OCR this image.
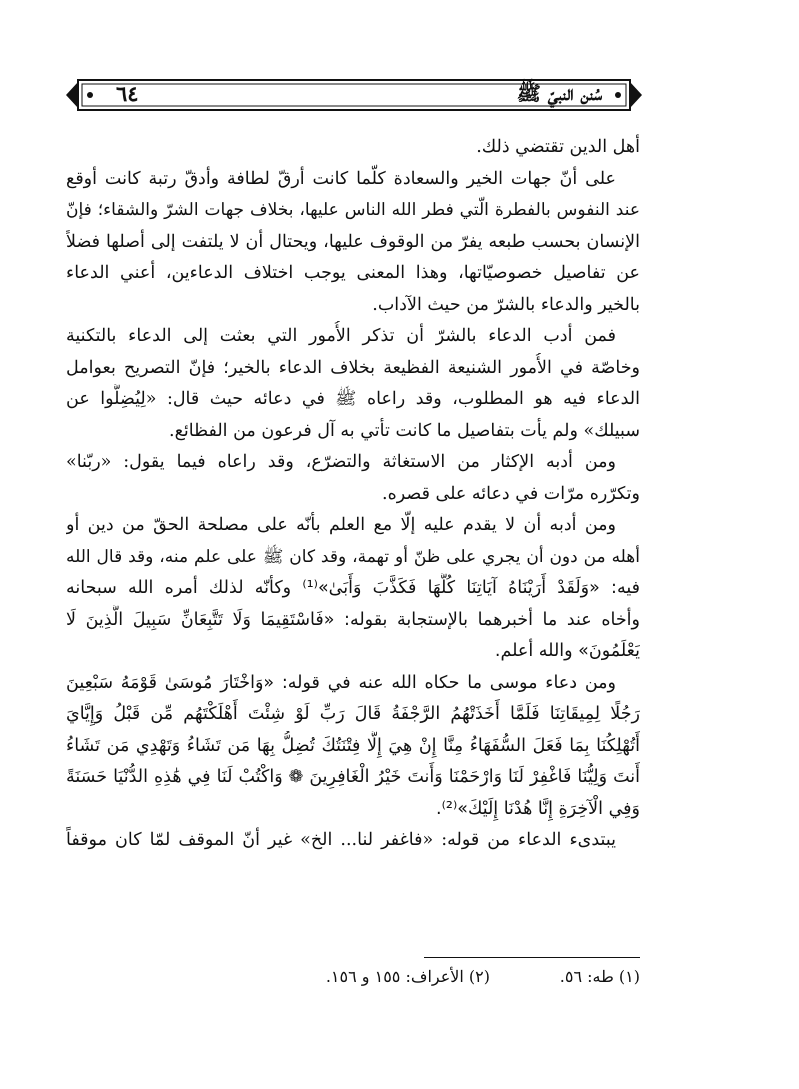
٦٤	سُنن النبيّ ﷺ
أهل الدين تقتضي ذلك.
على أنّ جهات الخير والسعادة كلّما كانت أرقّ لطافة وأدقّ رتبة كانت أوقع
عند النفوس بالفطرة الّتي فطر الله الناس عليها، بخلاف جهات الشرّ والشقاء؛ فإنّ
الإنسان بحسب طبعه يفرّ من الوقوف عليها، ويحتال أن لا يلتفت إلى أصلها فضلاً
عن تفاصيل خصوصيّاتها، وهذا المعنى يوجب اختلاف الدعاءين، أعني الدعاء
بالخير والدعاء بالشرّ من حيث الآداب.
فمن أدب الدعاء بالشرّ أن تذكر الأُمور التي بعثت إلى الدعاء بالتكنية
وخاصّة في الأُمور الشنيعة الفظيعة بخلاف الدعاء بالخير؛ فإنّ التصريح بعوامل
الدعاء فيه هو المطلوب، وقد راعاه ﷺ في دعائه حيث قال: «لِيُضِلُّوا عن
سبيلك» ولم يأت بتفاصيل ما كانت تأتي به آل فرعون من الفظائع.
ومن أدبه الإكثار من الاستغاثة والتضرّع، وقد راعاه فيما يقول: «ربّنا»
وتكرّره مرّات في دعائه على قصره.
ومن أدبه أن لا يقدم عليه إلّا مع العلم بأنّه على مصلحة الحقّ من دين أو
أهله من دون أن يجري على ظنّ أو تهمة، وقد كان ﷺ على علم منه، وقد قال الله
فيه: «وَلَقَدْ أَرَيْنَاهُ آيَاتِنَا كُلَّهَا فَكَذَّبَ وَأَبَىٰ»⁽¹⁾ وكأنّه لذلك أمره الله سبحانه
وأخاه عند ما أخبرهما بالإستجابة بقوله: «فَاسْتَقِيمَا وَلَا تَتَّبِعَانِّ سَبِيلَ الَّذِينَ لَا
يَعْلَمُونَ» والله أعلم.
ومن دعاء موسى ما حكاه الله عنه في قوله: «وَاخْتَارَ مُوسَىٰ قَوْمَهُ سَبْعِينَ
رَجُلًا لِمِيقَاتِنَا فَلَمَّا أَخَذَتْهُمُ الرَّجْفَةُ قَالَ رَبِّ لَوْ شِئْتَ أَهْلَكْتَهُم مِّن قَبْلُ وَإِيَّايَ
أَتُهْلِكُنَا بِمَا فَعَلَ السُّفَهَاءُ مِنَّا إِنْ هِيَ إِلَّا فِتْنَتُكَ تُضِلُّ بِهَا مَن تَشَاءُ وَتَهْدِي مَن تَشَاءُ
أَنتَ وَلِيُّنَا فَاغْفِرْ لَنَا وَارْحَمْنَا وَأَنتَ خَيْرُ الْغَافِرِينَ ❁ وَاكْتُبْ لَنَا فِي هَٰذِهِ الدُّنْيَا حَسَنَةً
وَفِي الْآخِرَةِ إِنَّا هُدْنَا إِلَيْكَ»⁽²⁾.
يبتدىء الدعاء من قوله: «فاغفر لنا... الخ» غير أنّ الموقف لمّا كان موقفاً
(١) طه: ٥٦.
(٢) الأعراف: ١٥٥ و ١٥٦.
